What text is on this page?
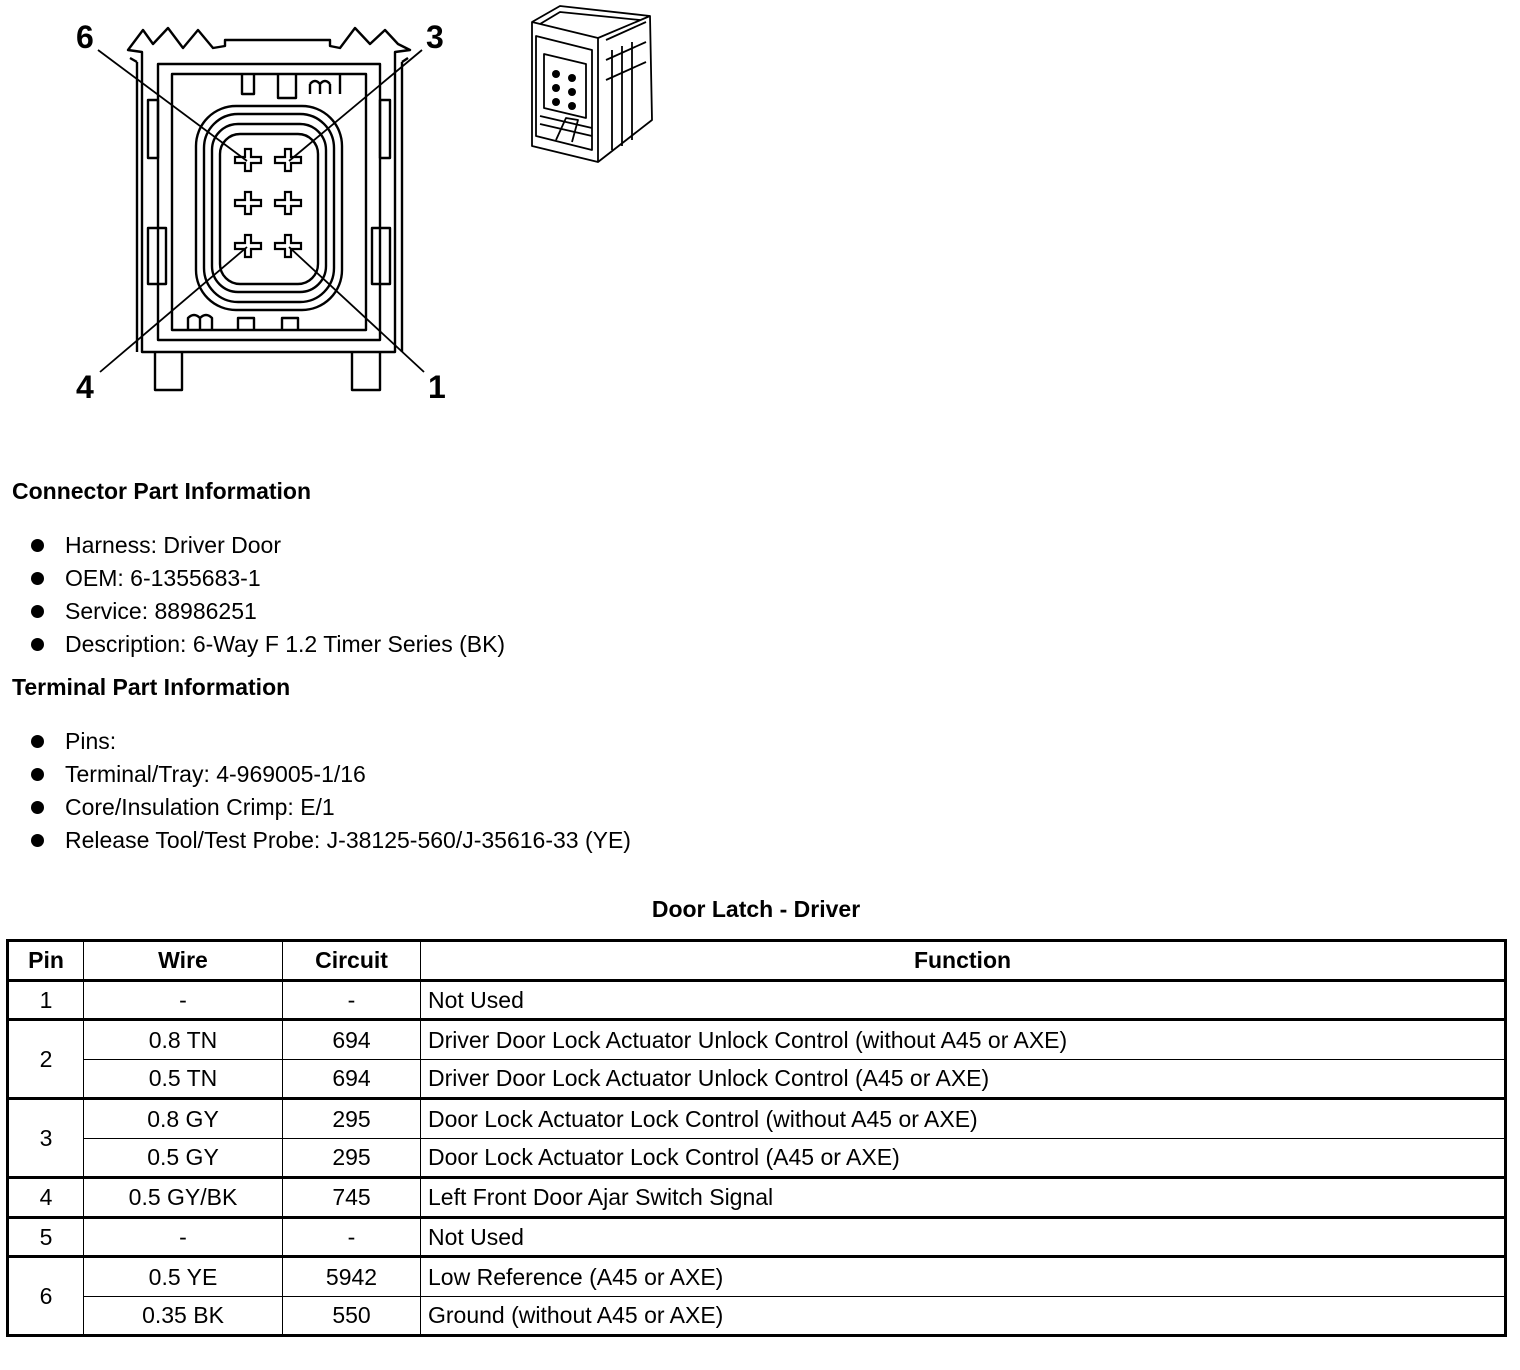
6	3
4	1
Connector Part Information
Harness: Driver Door
OEM: 6-1355683-1
Service: 88986251
Description: 6-Way F 1.2 Timer Series (BK)
Terminal Part Information
Pins:
Terminal/Tray: 4-969005-1/16
Core/Insulation Crimp: E/1
Release Tool/Test Probe: J-38125-560/J-35616-33 (YE)
Door Latch - Driver
Pin	Wire	Circuit	Function
1	-	-	Not Used
2	0.8 TN	694	Driver Door Lock Actuator Unlock Control (without A45 or AXE)
	0.5 TN	694	Driver Door Lock Actuator Unlock Control (A45 or AXE)
3	0.8 GY	295	Door Lock Actuator Lock Control (without A45 or AXE)
	0.5 GY	295	Door Lock Actuator Lock Control (A45 or AXE)
4	0.5 GY/BK	745	Left Front Door Ajar Switch Signal
5	-	-	Not Used
6	0.5 YE	5942	Low Reference (A45 or AXE)
	0.35 BK	550	Ground (without A45 or AXE)
